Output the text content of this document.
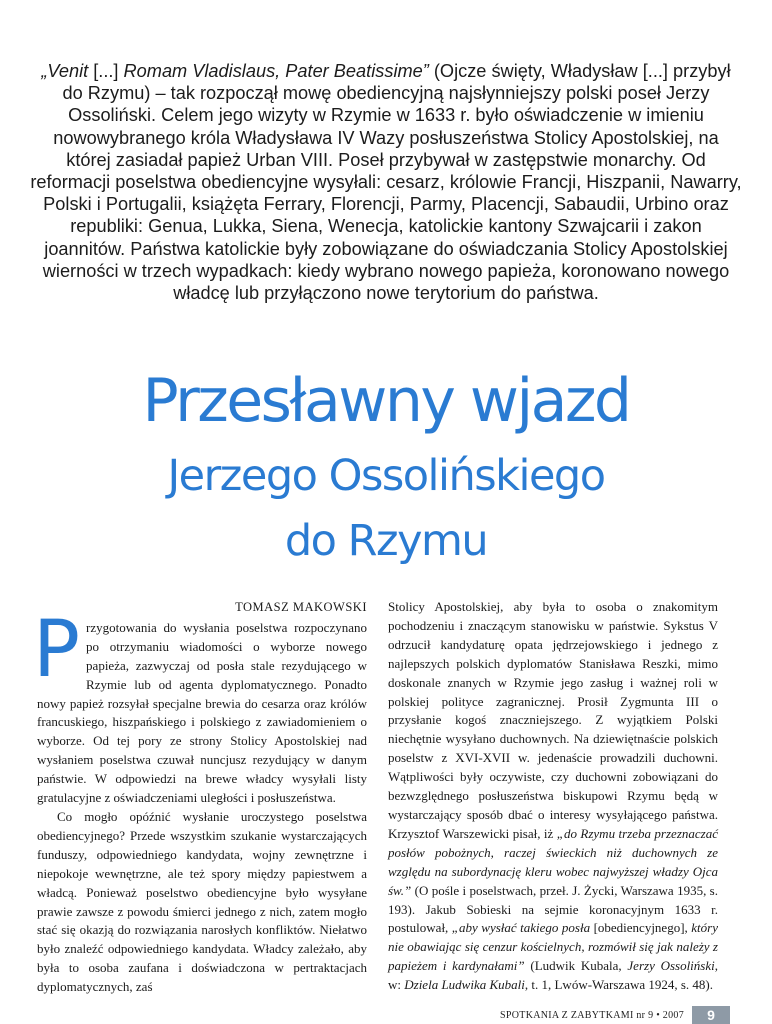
„Venit [...] Romam Vladislaus, Pater Beatissime” (Ojcze święty, Władysław [...] przybył do Rzymu) – tak rozpoczął mowę obediencyjną najsłynniejszy polski poseł Jerzy Ossoliński. Celem jego wizyty w Rzymie w 1633 r. było oświadczenie w imieniu nowowybranego króla Władysława IV Wazy posłuszeństwa Stolicy Apostolskiej, na której zasiadał papież Urban VIII. Poseł przybywał w zastępstwie monarchy. Od reformacji poselstwa obediencyjne wysyłali: cesarz, królowie Francji, Hiszpanii, Nawarry, Polski i Portugalii, książęta Ferrary, Florencji, Parmy, Placencji, Sabaudii, Urbino oraz republiki: Genua, Lukka, Siena, Wenecja, katolickie kantony Szwajcarii i zakon joannitów. Państwa katolickie były zobowiązane do oświadczania Stolicy Apostolskiej wierności w trzech wypadkach: kiedy wybrano nowego papieża, koronowano nowego władcę lub przyłączono nowe terytorium do państwa.
Przesławny wjazd
Jerzego Ossolińskiego
do Rzymu
TOMASZ MAKOWSKI

Przygotowania do wysłania poselstwa rozpoczynano po otrzymaniu wiadomości o wyborze nowego papieża, zazwyczaj od posła stale rezydującego w Rzymie lub od agenta dyplomatycznego. Ponadto nowy papież rozsyłał specjalne brewia do cesarza oraz królów francuskiego, hiszpańskiego i polskiego z zawiadomieniem o wyborze. Od tej pory ze strony Stolicy Apostolskiej nad wysłaniem poselstwa czuwał nuncjusz rezydujący w danym państwie. W odpowiedzi na brewe władcy wysyłali listy gratulacyjne z oświadczeniami uległości i posłuszeństwa.

Co mogło opóźnić wysłanie uroczystego poselstwa obediencyjnego? Przede wszystkim szukanie wystarczających funduszy, odpowiedniego kandydata, wojny zewnętrzne i niepokoje wewnętrzne, ale też spory między papiestwem a władcą. Ponieważ poselstwo obediencyjne było wysyłane prawie zawsze z powodu śmierci jednego z nich, zatem mogło stać się okazją do rozwiązania narosłych konfliktów. Niełatwo było znaleźć odpowiedniego kandydata. Władcy zależało, aby była to osoba zaufana i doświadczona w pertraktacjach dyplomatycznych, zaś

Stolicy Apostolskiej, aby była to osoba o znakomitym pochodzeniu i znaczącym stanowisku w państwie. Sykstus V odrzucił kandydaturę opata jędrzejowskiego i jednego z najlepszych polskich dyplomatów Stanisława Reszki, mimo doskonale znanych w Rzymie jego zasług i ważnej roli w polskiej polityce zagranicznej. Prosił Zygmunta III o przysłanie kogoś znaczniejszego. Z wyjątkiem Polski niechętnie wysyłano duchownych. Na dziewiętnaście polskich poselstw z XVI-XVII w. jedenaście prowadzili duchowni. Wątpliwości były oczywiste, czy duchowni zobowiązani do bezwzględnego posłuszeństwa biskupowi Rzymu będą w wystarczający sposób dbać o interesy wysyłającego państwa. Krzysztof Warszewicki pisał, iż „do Rzymu trzeba przeznaczać posłów pobożnych, raczej świeckich niż duchownych ze względu na subordynację kleru wobec najwyższej władzy Ojca św.” (O pośle i poselstwach, przeł. J. Życki, Warszawa 1935, s. 193). Jakub Sobieski na sejmie koronacyjnym 1633 r. postulował, „aby wysłać takiego posła [obediencyjnego], który nie obawiając się cenzur kościelnych, rozmówił się jak należy z papieżem i kardynałami” (Ludwik Kubala, Jerzy Ossoliński, w: Dziela Ludwika Kubali, t. 1, Lwów-Warszawa 1924, s. 48).

SPOTKANIA Z ZABYTKAMI nr 9 • 2007	9
